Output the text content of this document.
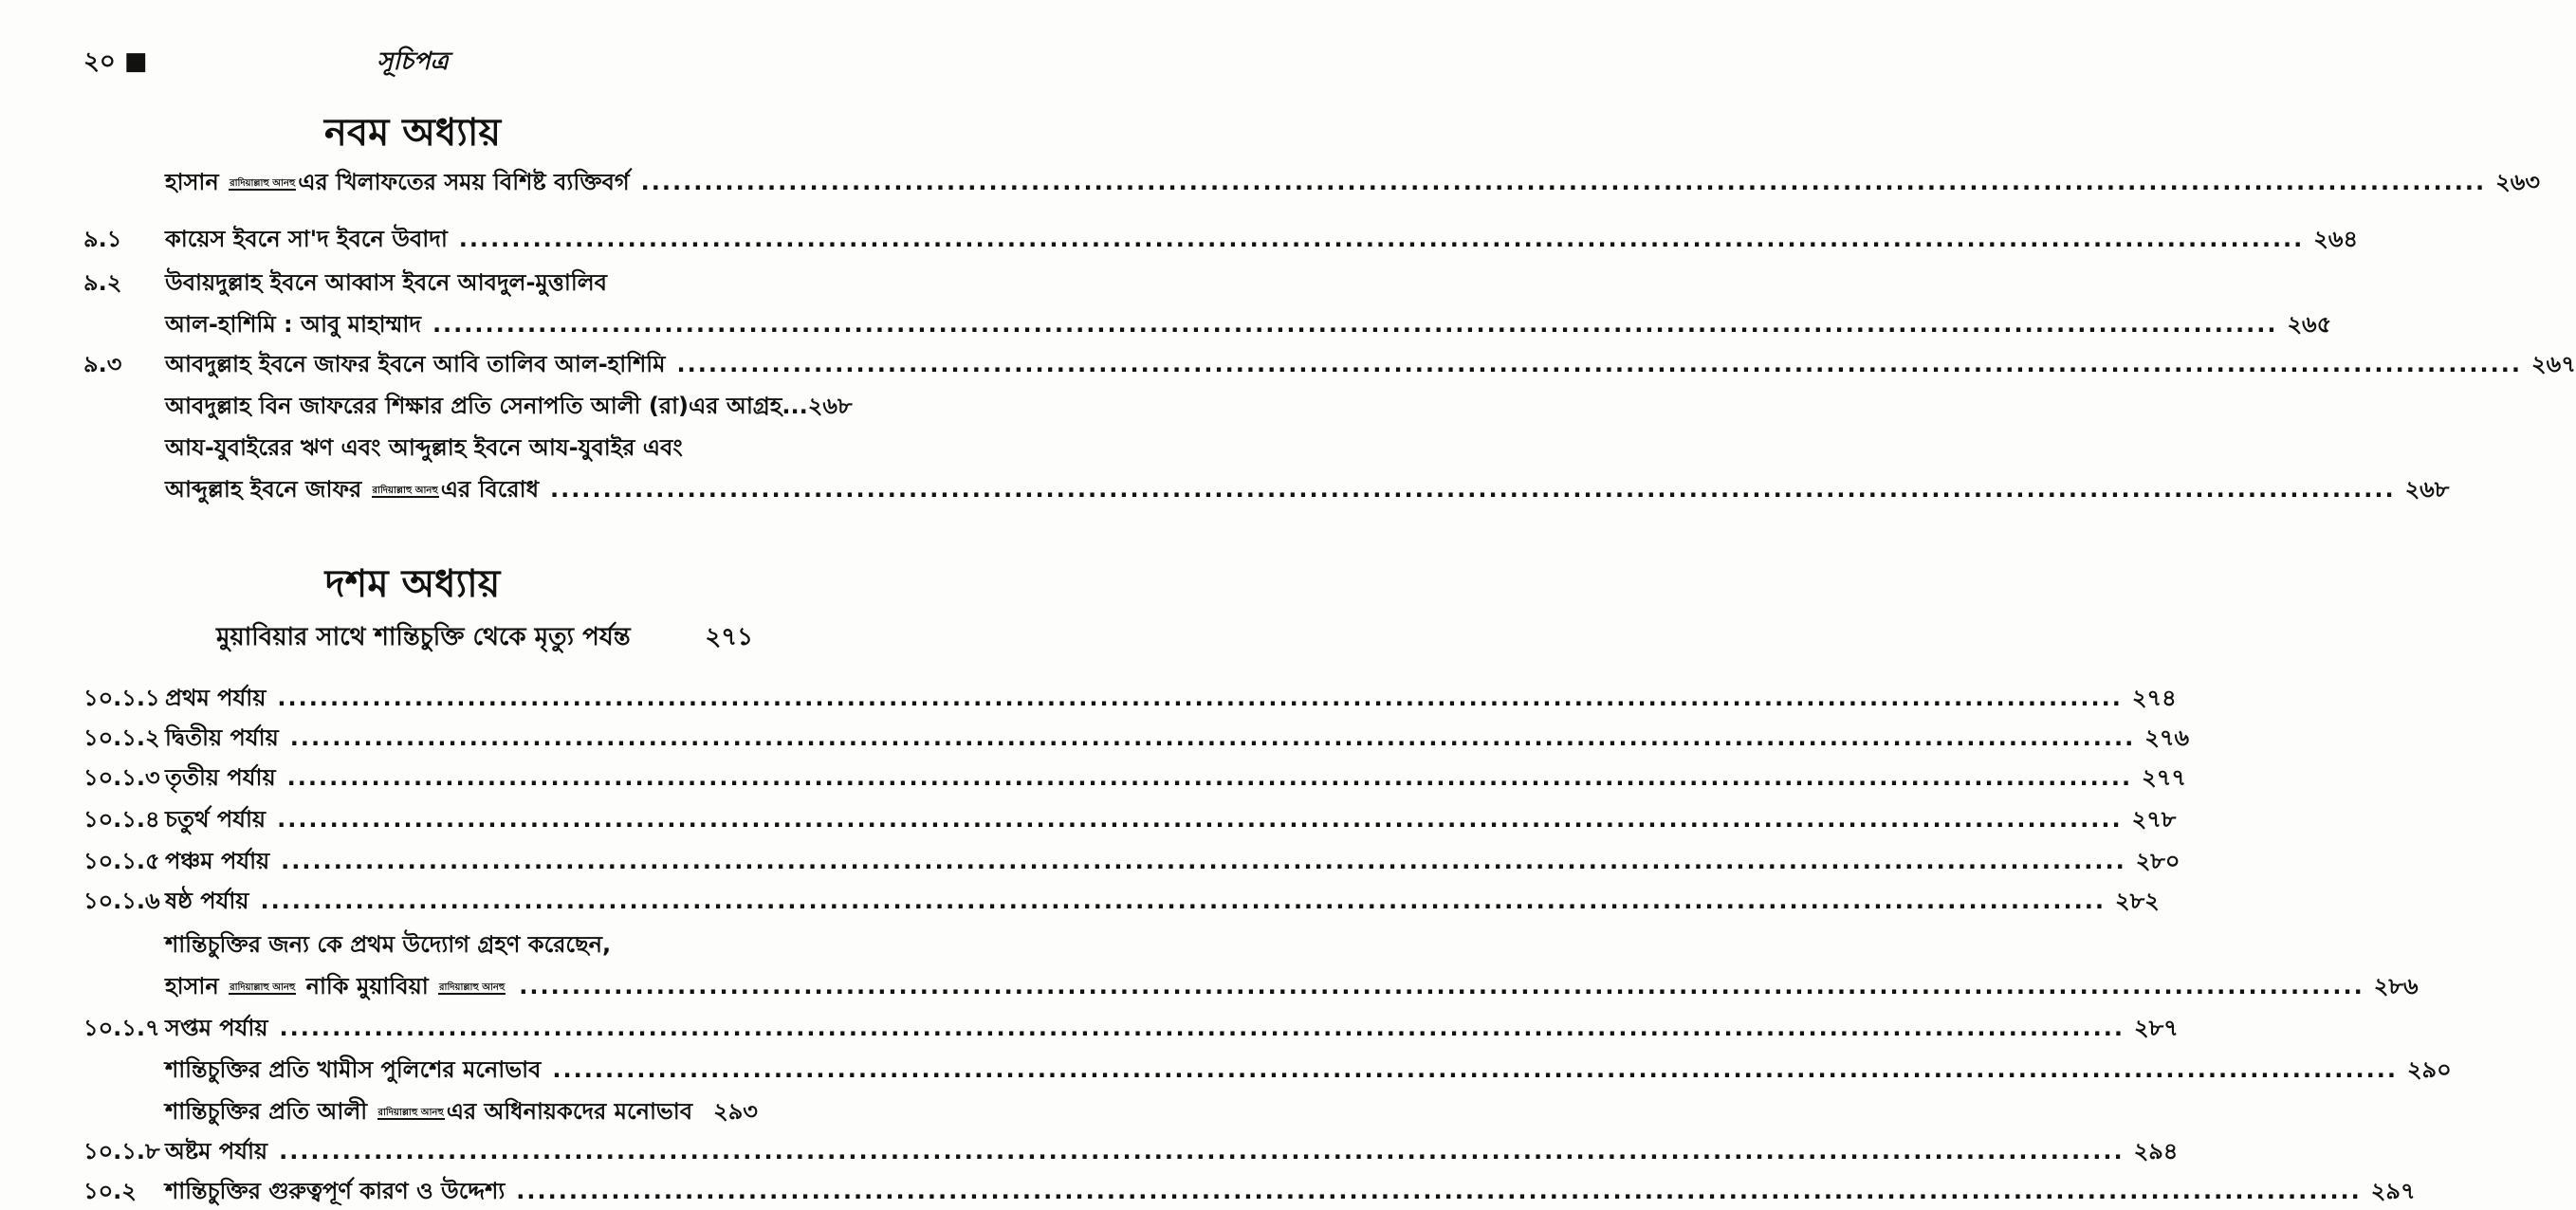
২০ ■	সূচিপত্র
নবম অধ্যায়
হাসান রাদিয়াল্লাহু আনহু এর খিলাফতের সময় বিশিষ্ট ব্যক্তিবর্গ .....	২৬৩
৯.১ কায়েস ইবনে সা'দ ইবনে উবাদা .....	২৬৪
৯.২ উবায়দুল্লাহ ইবনে আব্বাস ইবনে আবদুল-মুত্তালিব
আল-হাশিমি : আবু মাহাম্মাদ .....	২৬৫
৯.৩ আবদুল্লাহ ইবনে জাফর ইবনে আবি তালিব আল-হাশিমি .....	২৬৭
আবদুল্লাহ বিন জাফরের শিক্ষার প্রতি সেনাপতি আলী (রা)এর আগ্রহ... ২৬৮
আয-যুবাইরের ঋণ এবং আব্দুল্লাহ ইবনে আয-যুবাইর এবং
আব্দুল্লাহ ইবনে জাফর রাদিয়াল্লাহু আনহু এর বিরোধ .....	২৬৮
দশম অধ্যায়
মুয়াবিয়ার সাথে শান্তিচুক্তি থেকে মৃত্যু পর্যন্ত	২৭১
১০.১.১ প্রথম পর্যায় .....	২৭৪
১০.১.২ দ্বিতীয় পর্যায় .....	২৭৬
১০.১.৩ তৃতীয় পর্যায় .....	২৭৭
১০.১.৪ চতুর্থ পর্যায় .....	২৭৮
১০.১.৫ পঞ্চম পর্যায় .....	২৮০
১০.১.৬ ষষ্ঠ পর্যায় .....	২৮২
শান্তিচুক্তির জন্য কে প্রথম উদ্যোগ গ্রহণ করেছেন,
হাসান রাদিয়াল্লাহু আনহু নাকি মুয়াবিয়া রাদিয়াল্লাহু আনহু .....	২৮৬
১০.১.৭ সপ্তম পর্যায় .....	২৮৭
শান্তিচুক্তির প্রতি খামীস পুলিশের মনোভাব .....	২৯০
শান্তিচুক্তির প্রতি আলী রাদিয়াল্লাহু আনহু এর অধিনায়কদের মনোভাব ২৯৩
১০.১.৮ অষ্টম পর্যায় .....	২৯৪
১০.২ শান্তিচুক্তির গুরুত্বপূর্ণ কারণ ও উদ্দেশ্য .....	২৯৭
